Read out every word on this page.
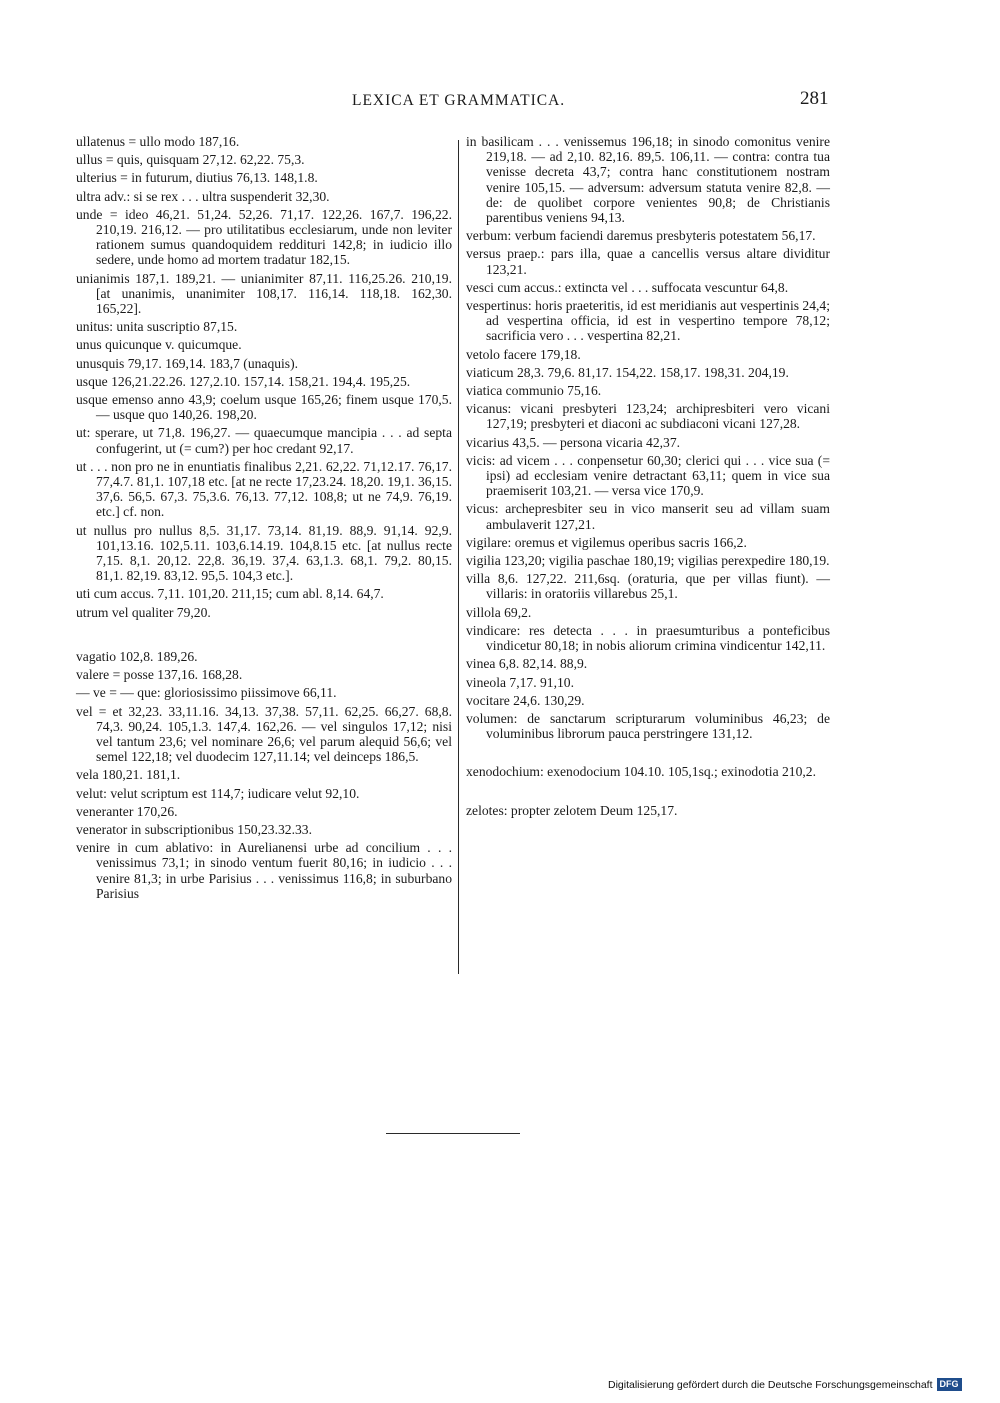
LEXICA ET GRAMMATICA.	281
ullatenus = ullo modo 187,16.
ullus = quis, quisquam 27,12. 62,22. 75,3.
ulterius = in futurum, diutius 76,13. 148,1.8.
ultra adv.: si se rex . . . ultra suspenderit 32,30.
unde = ideo 46,21. 51,24. 52,26. 71,17. 122,26. 167,7. 196,22. 210,19. 216,12. — pro utilitatibus ecclesiarum, unde non leviter rationem sumus quandoquidem reddituri 142,8; in iudicio illo sedere, unde homo ad mortem tradatur 182,15.
unianimis 187,1. 189,21. — unianimiter 87,11. 116,25.26. 210,19. [at unanimis, unanimiter 108,17. 116,14. 118,18. 162,30. 165,22].
unitus: unita suscriptio 87,15.
unus quicunque v. quicumque.
unusquis 79,17. 169,14. 183,7 (unaquis).
usque 126,21.22.26. 127,2.10. 157,14. 158,21. 194,4. 195,25.
usque emenso anno 43,9; coelum usque 165,26; finem usque 170,5. — usque quo 140,26. 198,20.
ut: sperare, ut 71,8. 196,27. — quaecumque mancipia . . . ad septa confugerint, ut (= cum?) per hoc credant 92,17.
ut . . . non pro ne in enuntiatis finalibus 2,21. 62,22. 71,12.17. 76,17. 77,4.7. 81,1. 107,18 etc. [at ne recte 17,23.24. 18,20. 19,1. 36,15. 37,6. 56,5. 67,3. 75,3.6. 76,13. 77,12. 108,8; ut ne 74,9. 76,19. etc.] cf. non.
ut nullus pro nullus 8,5. 31,17. 73,14. 81,19. 88,9. 91,14. 92,9. 101,13.16. 102,5.11. 103,6.14.19. 104,8.15 etc. [at nullus recte 7,15. 8,1. 20,12. 22,8. 36,19. 37,4. 63,1.3. 68,1. 79,2. 80,15. 81,1. 82,19. 83,12. 95,5. 104,3 etc.].
uti cum accus. 7,11. 101,20. 211,15; cum abl. 8,14. 64,7.
utrum vel qualiter 79,20.
vagatio 102,8. 189,26.
valere = posse 137,16. 168,28.
— ve = — que: gloriosissimo piissimove 66,11.
vel = et 32,23. 33,11.16. 34,13. 37,38. 57,11. 62,25. 66,27. 68,8. 74,3. 90,24. 105,1.3. 147,4. 162,26. — vel singulos 17,12; nisi vel tantum 23,6; vel nominare 26,6; vel parum alequid 56,6; vel semel 122,18; vel duodecim 127,11.14; vel deinceps 186,5.
vela 180,21. 181,1.
velut: velut scriptum est 114,7; iudicare velut 92,10.
veneranter 170,26.
venerator in subscriptionibus 150,23.32.33.
venire in cum ablativo: in Aurelianensi urbe ad concilium . . . venissimus 73,1; in sinodo ventum fuerit 80,16; in iudicio . . . venire 81,3; in urbe Parisius . . . venissimus 116,8; in suburbano Parisius
in basilicam . . . venissemus 196,18; in sinodo comonitus venire 219,18. — ad 2,10. 82,16. 89,5. 106,11. — contra: contra tua venisse decreta 43,7; contra hanc constitutionem nostram venire 105,15. — adversum: adversum statuta venire 82,8. — de: de quolibet corpore venientes 90,8; de Christianis parentibus veniens 94,13.
verbum: verbum faciendi daremus presbyteris potestatem 56,17.
versus praep.: pars illa, quae a cancellis versus altare dividitur 123,21.
vesci cum accus.: extincta vel . . . suffocata vescuntur 64,8.
vespertinus: horis praeteritis, id est meridianis aut vespertinis 24,4; ad vespertina officia, id est in vespertino tempore 78,12; sacrificia vero . . . vespertina 82,21.
vetolo facere 179,18.
viaticum 28,3. 79,6. 81,17. 154,22. 158,17. 198,31. 204,19.
viatica communio 75,16.
vicanus: vicani presbyteri 123,24; archipresbiteri vero vicani 127,19; presbyteri et diaconi ac subdiaconi vicani 127,28.
vicarius 43,5. — persona vicaria 42,37.
vicis: ad vicem . . . conpensetur 60,30; clerici qui . . . vice sua (= ipsi) ad ecclesiam venire detractant 63,11; quem in vice sua praemiserit 103,21. — versa vice 170,9.
vicus: archepresbiter seu in vico manserit seu ad villam suam ambulaverit 127,21.
vigilare: oremus et vigilemus operibus sacris 166,2.
vigilia 123,20; vigilia paschae 180,19; vigilias perexpedire 180,19.
villa 8,6. 127,22. 211,6sq. (oraturia, que per villas fiunt). — villaris: in oratoriis villarebus 25,1.
villola 69,2.
vindicare: res detecta . . . in praesumturibus a ponteficibus vindicetur 80,18; in nobis aliorum crimina vindicentur 142,11.
vinea 6,8. 82,14. 88,9.
vineola 7,17. 91,10.
vocitare 24,6. 130,29.
volumen: de sanctarum scripturarum voluminibus 46,23; de voluminibus librorum pauca perstringere 131,12.
xenodochium: exenodocium 104.10. 105,1sq.; exinodotia 210,2.
zelotes: propter zelotem Deum 125,17.
Digitalisierung gefördert durch die Deutsche Forschungsgemeinschaft DFG
